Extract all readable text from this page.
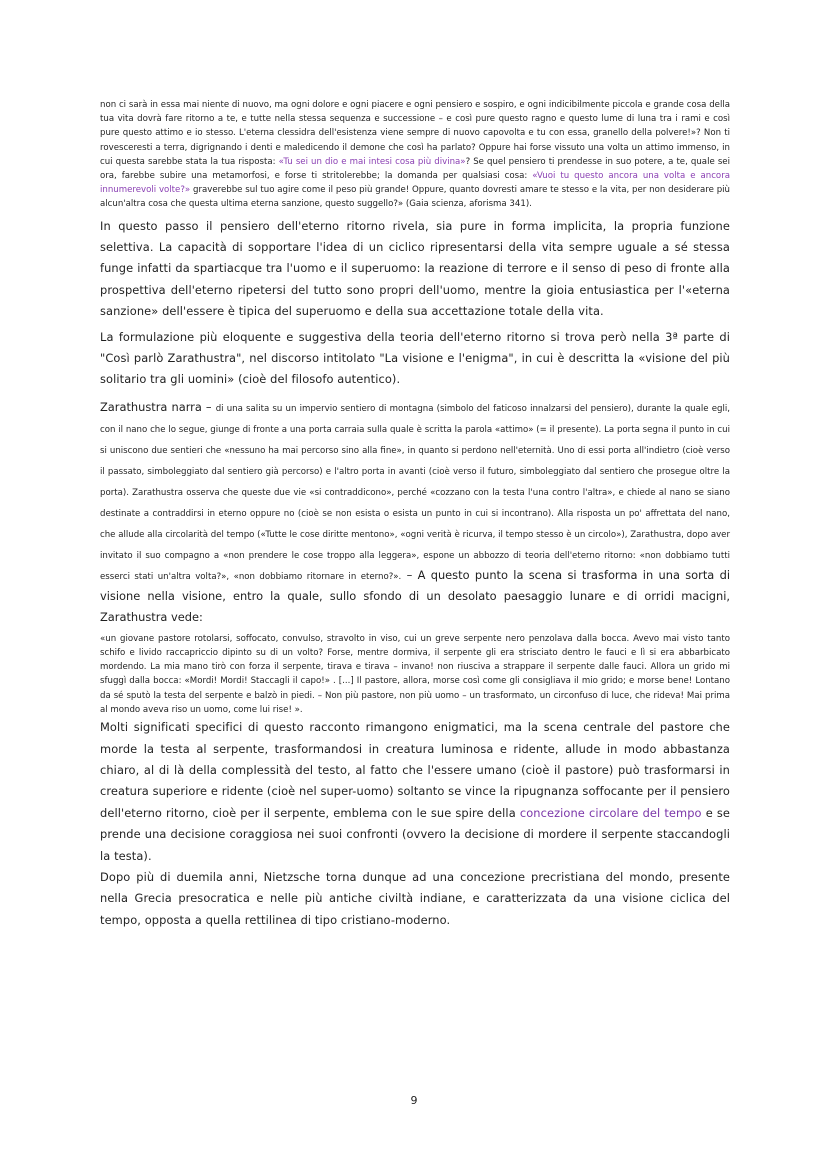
non ci sarà in essa mai niente di nuovo, ma ogni dolore e ogni piacere e ogni pensiero e sospiro, e ogni indicibilmente piccola e grande cosa della tua vita dovrà fare ritorno a te, e tutte nella stessa sequenza e successione – e così pure questo ragno e questo lume di luna tra i rami e così pure questo attimo e io stesso. L'eterna clessidra dell'esistenza viene sempre di nuovo capovolta e tu con essa, granello della polvere!»? Non ti rovesceresti a terra, digrignando i denti e maledicendo il demone che così ha parlato? Oppure hai forse vissuto una volta un attimo immenso, in cui questa sarebbe stata la tua risposta: «Tu sei un dio e mai intesi cosa più divina»? Se quel pensiero ti prendesse in suo potere, a te, quale sei ora, farebbe subire una metamorfosi, e forse ti stritolerebbe; la domanda per qualsiasi cosa: «Vuoi tu questo ancora una volta e ancora innumerevoli volte?» graverebbe sul tuo agire come il peso più grande! Oppure, quanto dovresti amare te stesso e la vita, per non desiderare più alcun'altra cosa che questa ultima eterna sanzione, questo suggello?» (Gaia scienza, aforisma 341).

In questo passo il pensiero dell'eterno ritorno rivela, sia pure in forma implicita, la propria funzione selettiva. La capacità di sopportare l'idea di un ciclico ripresentarsi della vita sempre uguale a sé stessa funge infatti da spartiacque tra l'uomo e il superuomo: la reazione di terrore e il senso di peso di fronte alla prospettiva dell'eterno ripetersi del tutto sono propri dell'uomo, mentre la gioia entusiastica per l'«eterna sanzione» dell'essere è tipica del superuomo e della sua accettazione totale della vita.

La formulazione più eloquente e suggestiva della teoria dell'eterno ritorno si trova però nella 3ª parte di "Così parlò Zarathustra", nel discorso intitolato "La visione e l'enigma", in cui è descritta la «visione del più solitario tra gli uomini» (cioè del filosofo autentico).

Zarathustra narra – di una salita su un impervio sentiero di montagna (simbolo del faticoso innalzarsi del pensiero), durante la quale egli, con il nano che lo segue, giunge di fronte a una porta carraia sulla quale è scritta la parola «attimo» (= il presente). La porta segna il punto in cui si uniscono due sentieri che «nessuno ha mai percorso sino alla fine», in quanto si perdono nell'eternità. Uno di essi porta all'indietro (cioè verso il passato, simboleggiato dal sentiero già percorso) e l'altro porta in avanti (cioè verso il futuro, simboleggiato dal sentiero che prosegue oltre la porta). Zarathustra osserva che queste due vie «si contraddicono», perché «cozzano con la testa l'una contro l'altra», e chiede al nano se siano destinate a contraddirsi in eterno oppure no (cioè se non esista o esista un punto in cui si incontrano). Alla risposta un po' affrettata del nano, che allude alla circolarità del tempo («Tutte le cose diritte mentono», «ogni verità è ricurva, il tempo stesso è un circolo»), Zarathustra, dopo aver invitato il suo compagno a «non prendere le cose troppo alla leggera», espone un abbozzo di teoria dell'eterno ritorno: «non dobbiamo tutti esserci stati un'altra volta?», «non dobbiamo ritornare in eterno?». – A questo punto la scena si trasforma in una sorta di visione nella visione, entro la quale, sullo sfondo di un desolato paesaggio lunare e di orridi macigni, Zarathustra vede:

«un giovane pastore rotolarsi, soffocato, convulso, stravolto in viso, cui un greve serpente nero penzolava dalla bocca. Avevo mai visto tanto schifo e livido raccapriccio dipinto su di un volto? Forse, mentre dormiva, il serpente gli era strisciato dentro le fauci e lì si era abbarbicato mordendo. La mia mano tirò con forza il serpente, tirava e tirava – invano! non riusciva a strappare il serpente dalle fauci. Allora un grido mi sfuggì dalla bocca: «Mordi! Mordi! Staccagli il capo!» . [...] Il pastore, allora, morse così come gli consigliava il mio grido; e morse bene! Lontano da sé sputò la testa del serpente e balzò in piedi. – Non più pastore, non più uomo – un trasformato, un circonfuso di luce, che rideva! Mai prima al mondo aveva riso un uomo, come lui rise! ».

Molti significati specifici di questo racconto rimangono enigmatici, ma la scena centrale del pastore che morde la testa al serpente, trasformandosi in creatura luminosa e ridente, allude in modo abbastanza chiaro, al di là della complessità del testo, al fatto che l'essere umano (cioè il pastore) può trasformarsi in creatura superiore e ridente (cioè nel super-uomo) soltanto se vince la ripugnanza soffocante per il pensiero dell'eterno ritorno, cioè per il serpente, emblema con le sue spire della concezione circolare del tempo e se prende una decisione coraggiosa nei suoi confronti (ovvero la decisione di mordere il serpente staccandogli la testa).

Dopo più di duemila anni, Nietzsche torna dunque ad una concezione precristiana del mondo, presente nella Grecia presocratica e nelle più antiche civiltà indiane, e caratterizzata da una visione ciclica del tempo, opposta a quella rettilinea di tipo cristiano-moderno.

9
